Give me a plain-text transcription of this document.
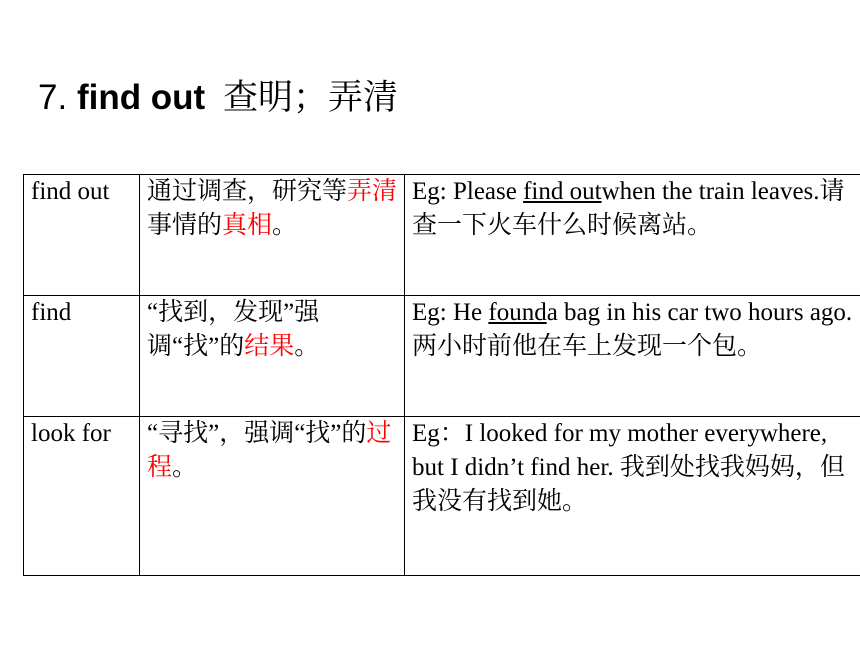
7. find out 查明；弄清
find out	通过调查，研究等弄清事情的真相。	Eg: Please find outwhen the train leaves.请查一下火车什么时候离站。
find	“找到，发现”强调“找”的结果。	Eg: He founda bag in his car two hours ago.两小时前他在车上发现一个包。
look for	“寻找”，强调“找”的过程。	Eg：I looked for my mother everywhere, but I didn’t find her. 我到处找我妈妈，但我没有找到她。
